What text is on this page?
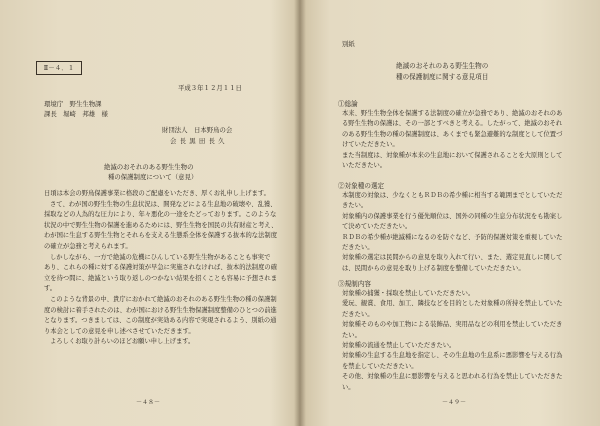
Ⅱ－４．１
平成３年１２月１１日
環境庁　野生生物課
課長　堀崎　邦雄　様
財団法人　日本野鳥の会
会 長 黒 田 長 久
絶滅のおそれのある野生生物の
種の保護制度について（意見）

日頃は本会の野鳥保護事業に格段のご配慮をいただき、厚くお礼申し上げます。

さて、わが国の野生生物の生息状況は、開発などによる生息地の破壊や、乱獲、

採取などの人為的な圧力により、年々悪化の一途をたどっております。このような

状況の中で野生生物の保護を進めるためには、野生生物を国民の共有財産と考え、

わが国に生息する野生生物とそれらを支える生態系全体を保護する抜本的な法制度

の確立が急務と考えられます。

しかしながら、一方で絶滅の危機にひんしている野生生物があることも事実で

あり、これらの種に対する保護対策が早急に実施されなければ、抜本的法制度の確

立を待つ間に、絶滅という取り返しのつかない結果を招くことも容易に予想されま

す。

このような背景の中、貴庁におかれて絶滅のおそれのある野生生物の種の保護制

度の検討に着手されたのは、わが国における野生生物保護制度整備のひとつの前進

となります。つきましては、この制度が実効ある内容で実現されるよう、別紙の通

り本会としての意見を申し述べさせていただきます。

よろしくお取り計らいのほどお願い申し上げます。

－４８－
別紙
絶滅のおそれのある野生生物の
種の保護制度に関する意見項目
①総論

本来、野生生物全体を保護する法制度の確立が急務であり、絶滅のおそれのあ

る野生生物の保護は、その一部とすべきと考える。したがって、絶滅のおそれ

のある野生生物の種の保護制度は、あくまでも緊急避難的な制度として位置づ

けていただきたい。

また当制度は、対象種が本来の生息地において保護されることを大原則として

いただきたい。

②対象種の選定

本制度の対象は、少なくともＲＤＢの希少種に相当する範囲までとしていただ

きたい。

対象種内の保護事業を行う優先順位は、国外の同種の生息分布状況をも勘案し

て決めていただきたい。

ＲＤＢの希少種が絶滅種になるのを防ぐなど、予防的保護対策を重視していた

だきたい。

対象種の選定は民間からの意見を取り入れて行い、また、選定見直しに関して

は、民間からの意見を取り上げる制度を整備していただきたい。

③規制内容

対象種の捕獲・採取を禁止していただきたい。

愛玩、観賞、食用、加工、隣技などを目的とした対象種の所持を禁止していた

だきたい。

対象種そのものや加工物による装飾品、実用品などの利用を禁止していただき

たい。

対象種の流通を禁止していただきたい。

対象種の生息する生息地を指定し、その生息地の生息系に悪影響を与える行為

を禁止していただきたい。

その他、対象種の生息に悪影響を与えると思われる行為を禁止していただきた

い。

－４９－
